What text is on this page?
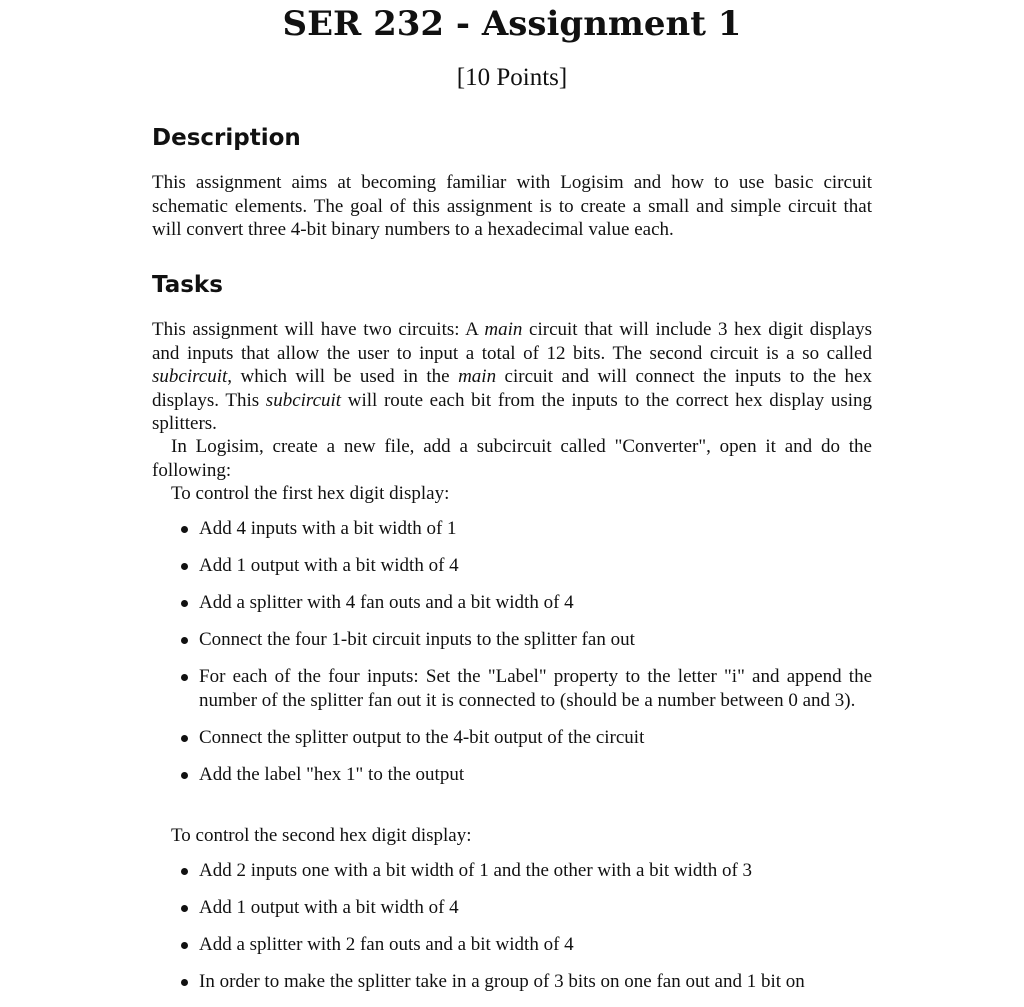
SER 232 - Assignment 1
[10 Points]
Description

This assignment aims at becoming familiar with Logisim and how to use basic circuit schematic elements. The goal of this assignment is to create a small and simple circuit that will convert three 4-bit binary numbers to a hexadecimal value each.

Tasks

This assignment will have two circuits: A main circuit that will include 3 hex digit displays and inputs that allow the user to input a total of 12 bits. The second circuit is a so called subcircuit, which will be used in the main circuit and will connect the inputs to the hex displays. This subcircuit will route each bit from the inputs to the correct hex display using splitters.

In Logisim, create a new file, add a subcircuit called "Converter", open it and do the following:

To control the first hex digit display:

Add 4 inputs with a bit width of 1
Add 1 output with a bit width of 4
Add a splitter with 4 fan outs and a bit width of 4
Connect the four 1-bit circuit inputs to the splitter fan out
For each of the four inputs: Set the "Label" property to the letter "i" and append the number of the splitter fan out it is connected to (should be a number between 0 and 3).
Connect the splitter output to the 4-bit output of the circuit
Add the label "hex 1" to the output

To control the second hex digit display:

Add 2 inputs one with a bit width of 1 and the other with a bit width of 3
Add 1 output with a bit width of 4
Add a splitter with 2 fan outs and a bit width of 4
In order to make the splitter take in a group of 3 bits on one fan out and 1 bit on
